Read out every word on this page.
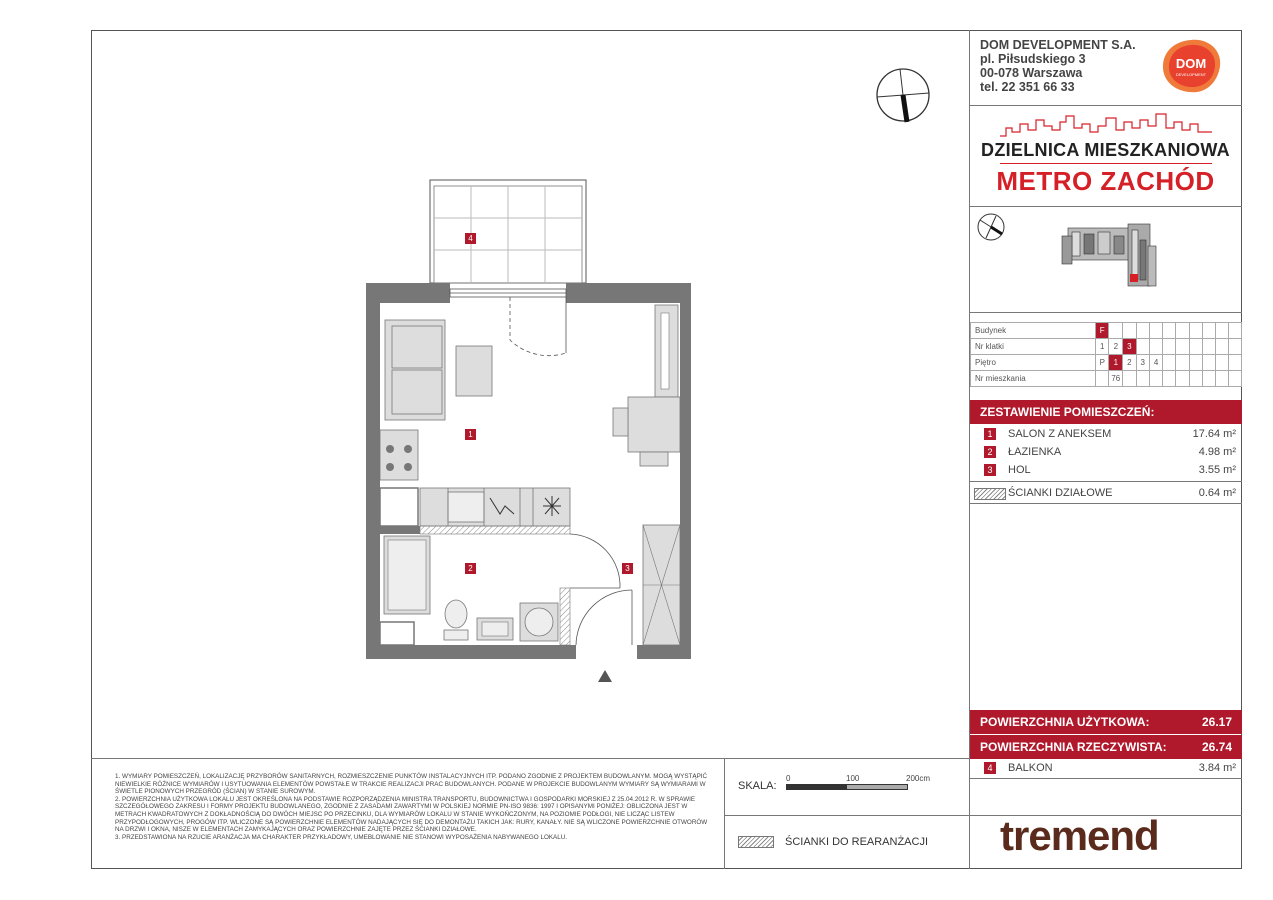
DOM DEVELOPMENT S.A.
pl. Piłsudskiego 3
00-078 Warszawa
tel. 22 351 66 33
DOM
DEVELOPMENT
DZIELNICA MIESZKANIOWA
METRO ZACHÓD
Budynek	F										
Nr klatki	1	2	3								
Piętro	P	1	2	3	4						
Nr mieszkania		76									
ZESTAWIENIE POMIESZCZEŃ:
1	SALON Z ANEKSEM	17.64 m²
2	ŁAZIENKA	4.98 m²
3	HOL	3.55 m²
ŚCIANKI DZIAŁOWE	0.64 m²
POWIERZCHNIA UŻYTKOWA:	26.17
POWIERZCHNIA RZECZYWISTA:	26.74
4	BALKON	3.84 m²
1. WYMIARY POMIESZCZEŃ, LOKALIZACJĘ PRZYBORÓW SANITARNYCH, ROZMIESZCZENIE PUNKTÓW INSTALACYJNYCH ITP. PODANO ZGODNIE Z PROJEKTEM BUDOWLANYM. MOGĄ WYSTĄPIĆ NIEWIELKIE RÓŻNICE WYMIARÓW I USYTUOWANIA ELEMENTÓW POWSTAŁE W TRAKCIE REALIZACJI PRAC BUDOWLANYCH. PODANE W PROJEKCIE BUDOWLANYM WYMIARY SĄ WYMIARAMI W ŚWIETLE PIONOWYCH PRZEGRÓD (ŚCIAN) W STANIE SUROWYM.
2. POWIERZCHNIA UŻYTKOWA LOKALU JEST OKREŚLONA NA PODSTAWIE ROZPORZĄDZENIA MINISTRA TRANSPORTU, BUDOWNICTWA I GOSPODARKI MORSKIEJ Z 25.04.2012 R. W SPRAWIE SZCZEGÓŁOWEGO ZAKRESU I FORMY PROJEKTU BUDOWLANEGO, ZGODNIE Z ZASADAMI ZAWARTYMI W POLSKIEJ NORMIE PN-ISO 9836: 1997 I OPISANYMI PONIŻEJ: OBLICZONA JEST W METRACH KWADRATOWYCH Z DOKŁADNOŚCIĄ DO DWÓCH MIEJSC PO PRZECINKU, DLA WYMIARÓW LOKALU W STANIE WYKOŃCZONYM, NA POZIOMIE PODŁOGI, NIE LICZĄC LISTEW PRZYPODŁOGOWYCH, PROGÓW ITP. WLICZONE SĄ POWIERZCHNIE ELEMENTÓW NADAJĄCYCH SIĘ DO DEMONTAŻU TAKICH JAK: RURY, KANAŁY. NIE SĄ WLICZONE POWIERZCHNIE OTWORÓW NA DRZWI I OKNA, NISZE W ELEMENTACH ZAMYKAJĄCYCH ORAZ POWIERZCHNIE ZAJĘTE PRZEZ ŚCIANKI DZIAŁOWE.
3. PRZEDSTAWIONA NA RZUCIE ARANŻACJA MA CHARAKTER PRZYKŁADOWY, UMEBLOWANIE NIE STANOWI WYPOSAŻENIA NABYWANEGO LOKALU.
SKALA:
0	100	200cm
ŚCIANKI DO REARANŻACJI tremend
4
1
2	3
